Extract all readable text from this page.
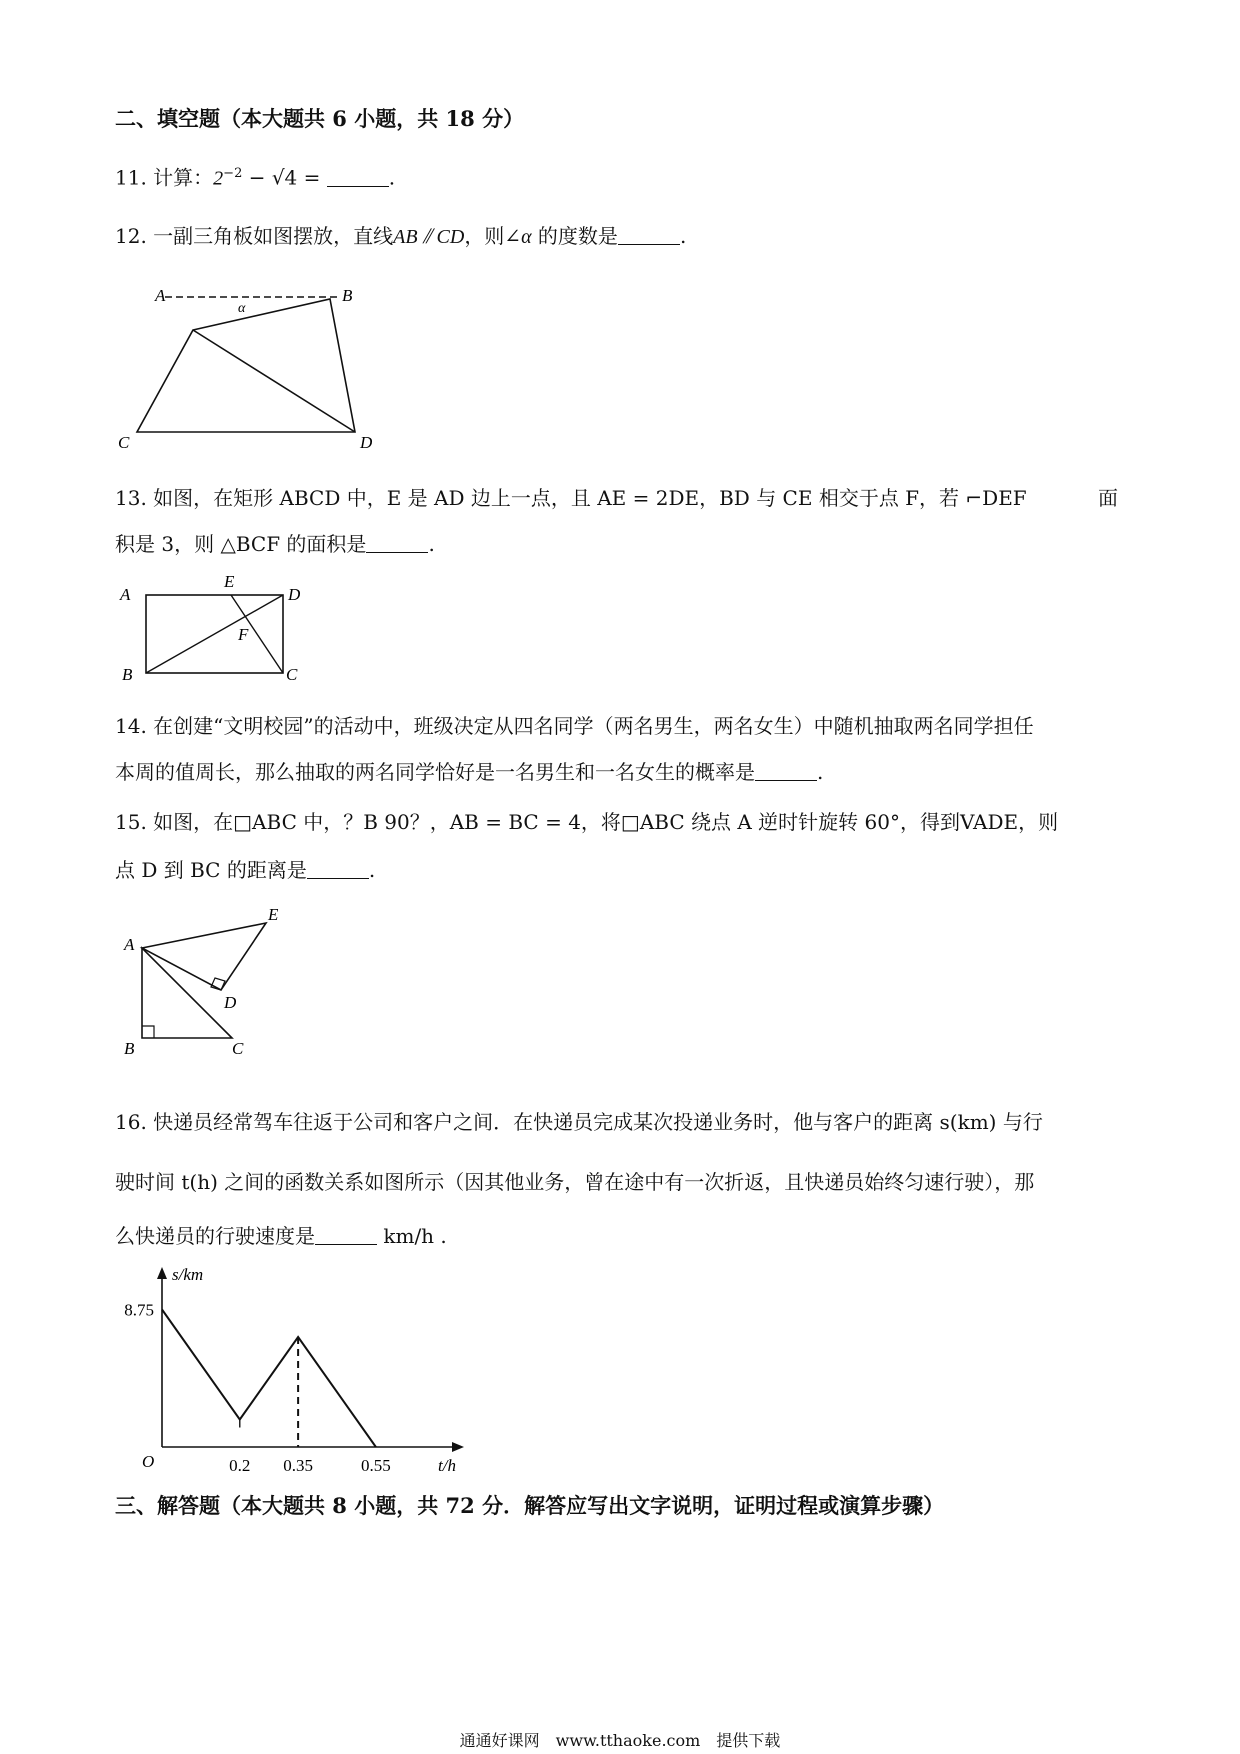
二、填空题（本大题共 6 小题，共 18 分）
11. 计算：$2^{-2} - √4$ =	.
12. 一副三角板如图摆放，直线AB ⫽ CD，则∠α 的度数是	.
A	B
C	D
α
13. 如图，在矩形 ABCD 中，E 是 AD 边上一点，且 AE = 2DE，BD 与 CE 相交于点 F，若 ⌐DEF	面
积是 3，则 △BCF 的面积是	.
A
E
D
F
B	C
14. 在创建“文明校园”的活动中，班级决定从四名同学（两名男生，两名女生）中随机抽取两名同学担任
本周的值周长，那么抽取的两名同学恰好是一名男生和一名女生的概率是	.
15. 如图，在□ABC 中，？B 90？，AB = BC = 4，将□ABC 绕点 A 逆时针旋转 60°，得到VADE，则
点 D 到 BC 的距离是	.
A
E
D
B	C
16. 快递员经常驾车往返于公司和客户之间．在快递员完成某次投递业务时，他与客户的距离 s(km) 与行
驶时间 t(h) 之间的函数关系如图所示（因其他业务，曾在途中有一次折返，且快递员始终匀速行驶），那
么快递员的行驶速度是	km/h .
0.2 0.35	0.55
8.75
O	t/h
s/km
三、解答题（本大题共 8 小题，共 72 分．解答应写出文字说明，证明过程或演算步骤）
通通好课网　www.tthaoke.com　提供下载
